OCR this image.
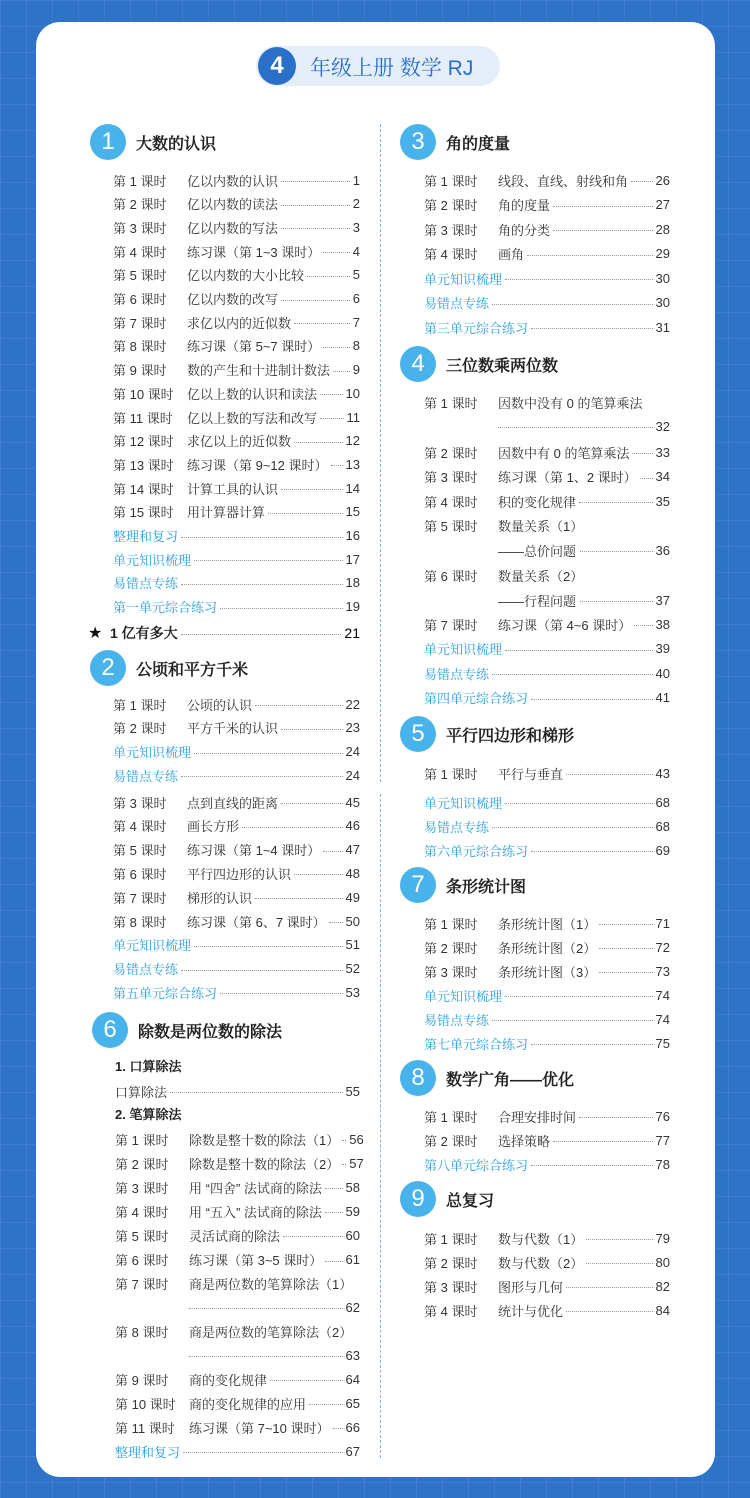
4	年级上册 数学 RJ
1	大数的认识
第 1 课时	亿以内数的认识	1
第 2 课时	亿以内数的读法	2
第 3 课时	亿以内数的写法	3
第 4 课时	练习课（第 1~3 课时） 4
第 5 课时	亿以内数的大小比较	5
第 6 课时	亿以内数的改写	6
第 7 课时	求亿以内的近似数	7
第 8 课时	练习课（第 5~7 课时） 8
第 9 课时	数的产生和十进制计数法 9
第 10 课时	亿以上数的认识和读法 10
第 11 课时	亿以上数的写法和改写 11
第 12 课时	求亿以上的近似数	12
第 13 课时	练习课（第 9~12 课时） 13
第 14 课时	计算工具的认识	14
第 15 课时	用计算器计算	15
整理和复习	16
单元知识梳理	17
易错点专练	18
第一单元综合练习	19
★ 1 亿有多大	21
2	公顷和平方千米
第 1 课时	公顷的认识	22
第 2 课时	平方千米的认识	23
单元知识梳理	24
易错点专练	24
第 3 课时	点到直线的距离	45
第 4 课时	画长方形	46
第 5 课时	练习课（第 1~4 课时） 47
第 6 课时	平行四边形的认识	48
第 7 课时	梯形的认识	49
第 8 课时	练习课（第 6、7 课时） 50
单元知识梳理	51
易错点专练	52
第五单元综合练习	53
6	除数是两位数的除法
1. 口算除法
口算除法	55
2. 笔算除法
第 1 课时	除数是整十数的除法（1） 56
第 2 课时	除数是整十数的除法（2） 57
第 3 课时	用 “四舍” 法试商的除法 58
第 4 课时	用 “五入” 法试商的除法 59
第 5 课时	灵活试商的除法	60
第 6 课时	练习课（第 3~5 课时） 61
第 7 课时	商是两位数的笔算除法（1）
62
第 8 课时	商是两位数的笔算除法（2）
63
第 9 课时	商的变化规律	64
第 10 课时	商的变化规律的应用	65
第 11 课时	练习课（第 7~10 课时） 66
整理和复习	67
3	角的度量
第 1 课时	线段、直线、射线和角 26
第 2 课时	角的度量	27
第 3 课时	角的分类	28
第 4 课时	画角	29
单元知识梳理	30
易错点专练	30
第三单元综合练习	31
4	三位数乘两位数
第 1 课时	因数中没有 0 的笔算乘法
32
第 2 课时	因数中有 0 的笔算乘法 33
第 3 课时	练习课（第 1、2 课时） 34
第 4 课时	积的变化规律	35
第 5 课时	数量关系（1）
——总价问题	36
第 6 课时	数量关系（2）
——行程问题	37
第 7 课时	练习课（第 4~6 课时） 38
单元知识梳理	39
易错点专练	40
第四单元综合练习	41
5	平行四边形和梯形
第 1 课时	平行与垂直	43
单元知识梳理	68
易错点专练	68
第六单元综合练习	69
7	条形统计图
第 1 课时	条形统计图（1）	71
第 2 课时	条形统计图（2）	72
第 3 课时	条形统计图（3）	73
单元知识梳理	74
易错点专练	74
第七单元综合练习	75
8	数学广角——优化
第 1 课时	合理安排时间	76
第 2 课时	选择策略	77
第八单元综合练习	78
9	总复习
第 1 课时	数与代数（1）	79
第 2 课时	数与代数（2）	80
第 3 课时	图形与几何	82
第 4 课时	统计与优化	84
